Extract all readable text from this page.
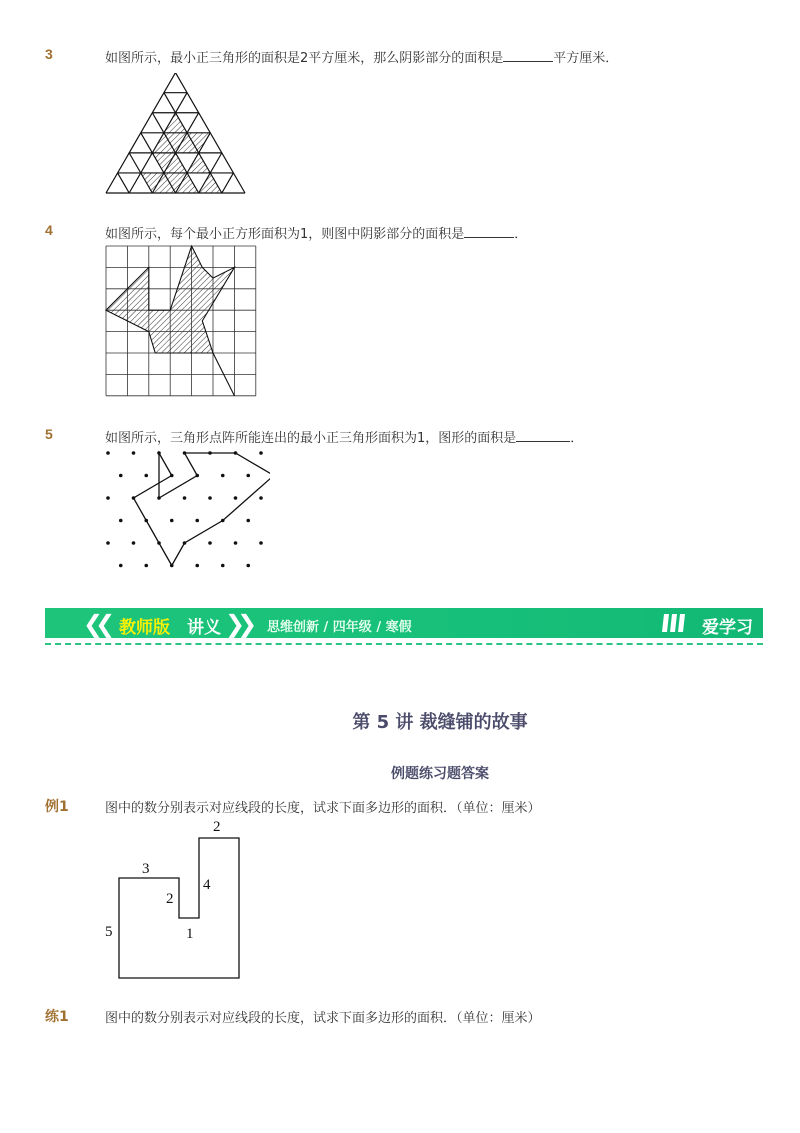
3	如图所示，最小正三角形的面积是2平方厘米，那么阴影部分的面积是	平方厘米．
4	如图所示，每个最小正方形面积为1，则图中阴影部分的面积是	．
5	如图所示，三角形点阵所能连出的最小正三角形面积为1，图形的面积是	．
❮❮ 教师版 讲义 ❯❯ 思维创新 / 四年级 / 寒假	爱学习
第 5 讲 裁缝铺的故事
例题练习题答案
例1	图中的数分别表示对应线段的长度，试求下面多边形的面积．（单位：厘米）
2
3
2
4
1
5
练1	图中的数分别表示对应线段的长度，试求下面多边形的面积．（单位：厘米）
